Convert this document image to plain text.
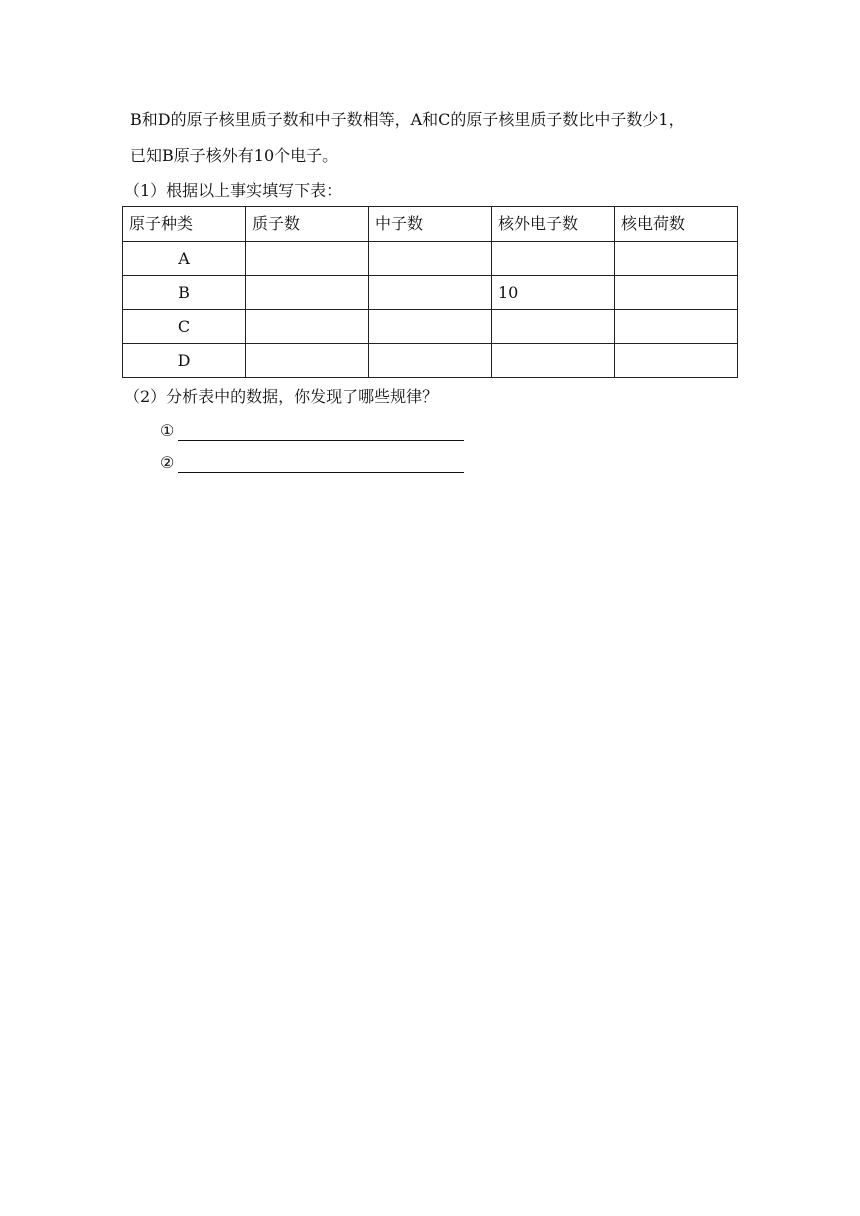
B和D的原子核里质子数和中子数相等，A和C的原子核里质子数比中子数少1，
已知B原子核外有10个电子。
（1）根据以上事实填写下表：
原子种类	质子数	中子数	核外电子数	核电荷数
A				
B			10	
C				
D				
（2）分析表中的数据，你发现了哪些规律？
①
②
